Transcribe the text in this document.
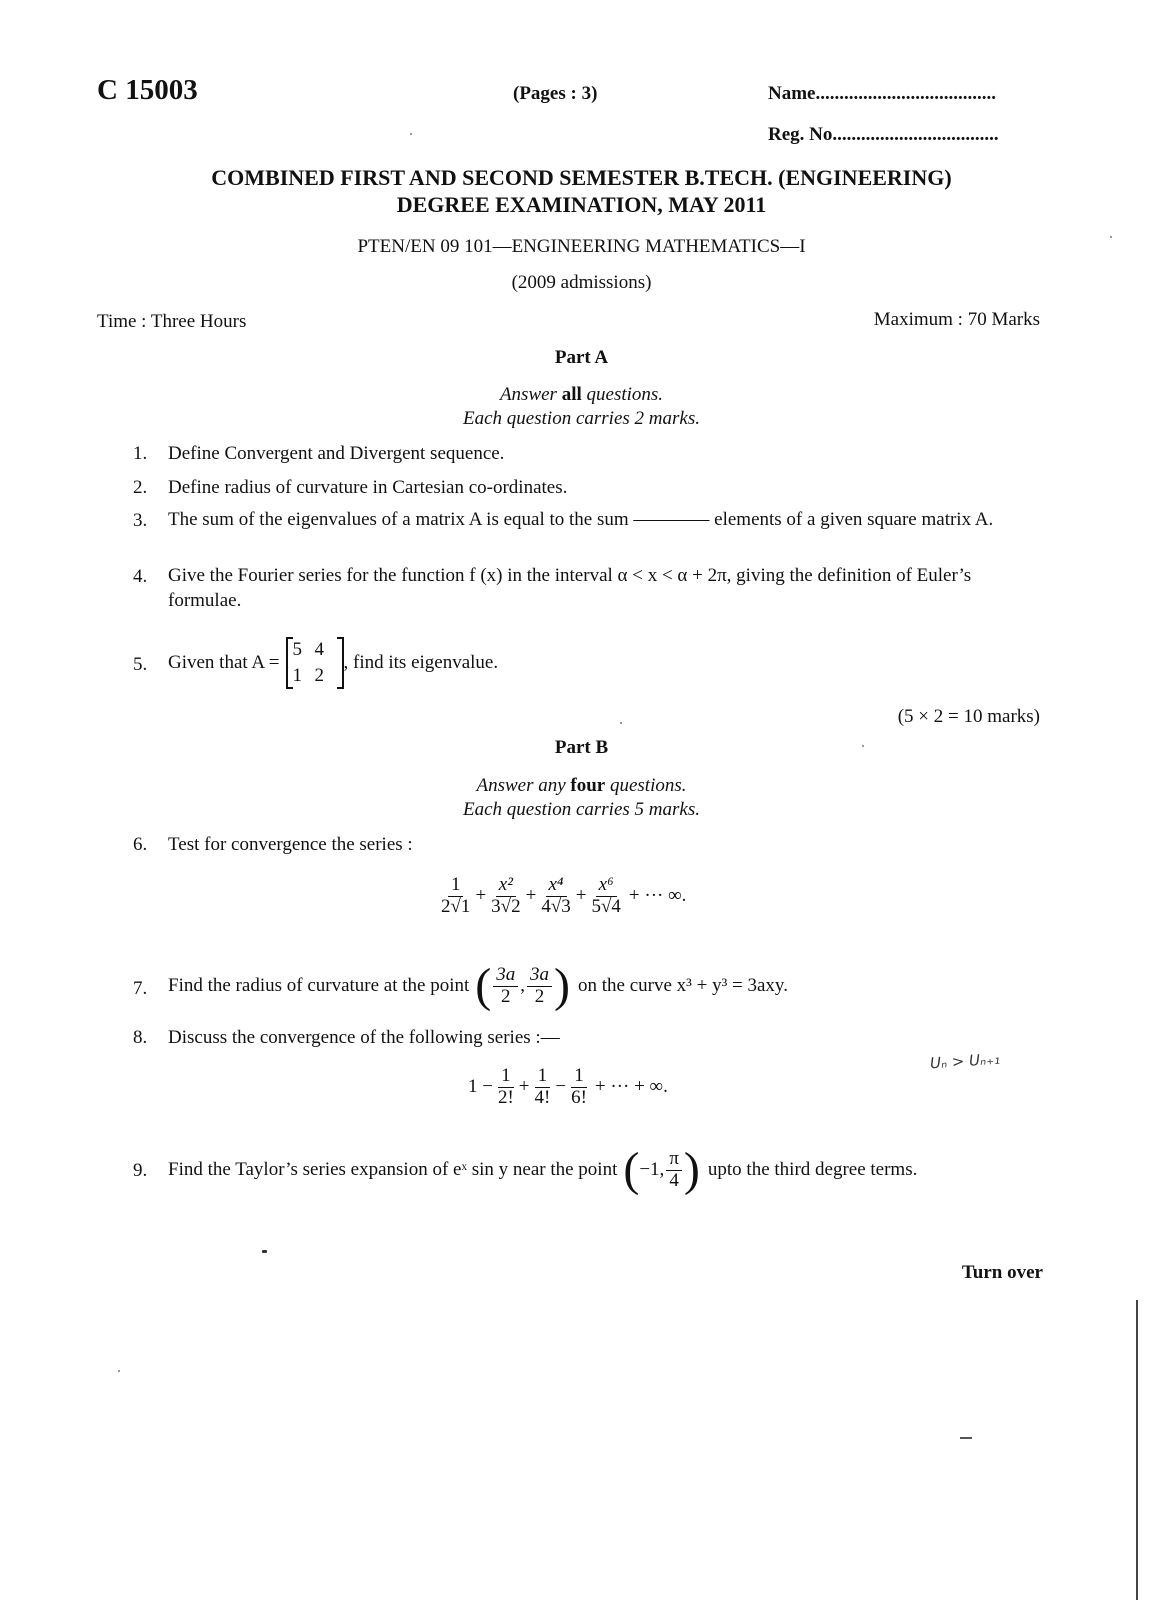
C 15003	(Pages : 3)	Name......................................
Reg. No...................................
COMBINED FIRST AND SECOND SEMESTER B.TECH. (ENGINEERING)
DEGREE EXAMINATION, MAY 2011
PTEN/EN 09 101—ENGINEERING MATHEMATICS—I
(2009 admissions)
Time : Three Hours	Maximum : 70 Marks
Part A
Answer all questions.
Each question carries 2 marks.
1. Define Convergent and Divergent sequence.
2. Define radius of curvature in Cartesian co-ordinates.
3. The sum of the eigenvalues of a matrix A is equal to the sum ———— elements of a given square matrix A.
4. Give the Fourier series for the function f (x) in the interval α < x < α + 2π, giving the definition of Euler’s formulae.
5. Given that A =
5 4
1 2
, find its eigenvalue.
(5 × 2 = 10 marks)
Part B
Answer any four questions.
Each question carries 5 marks.
6. Test for convergence the series :
$\frac{1}{2√1} + \frac{\text{x²}}{3√2} + \frac{\text{x⁴}}{4√3} + \frac{\text{x⁶}}{5√4}$ + ··· ∞.
7. Find the radius of curvature at the point ( $\frac{3a}{2}$ , $\frac{3a}{2}$ ) on the curve x³ + y³ = 3axy.
8. Discuss the convergence of the following series :—
$1 - \frac{1}{2!} + \frac{1}{4!} - \frac{1}{6!}$ + ··· + ∞.
Uₙ > Uₙ₊₁
9. Find the Taylor’s series expansion of eˣ sin y near the point ( −1, $\frac{\pi}{4}$ ) upto the third degree terms.
Turn over
